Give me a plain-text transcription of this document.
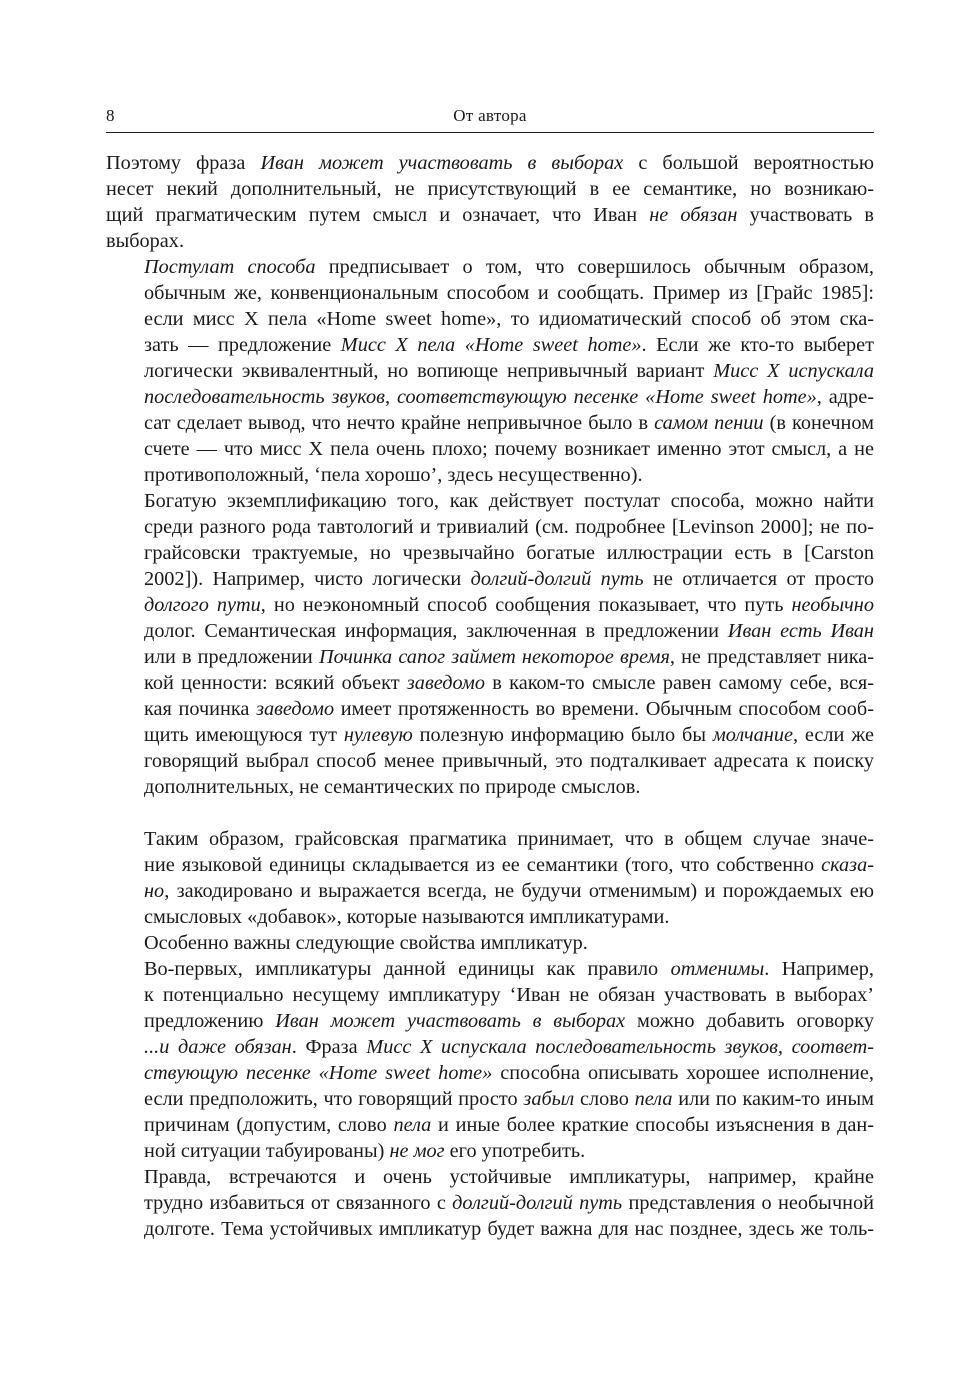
8	От автора

Поэтому фраза Иван может участвовать в выборах с большой вероятностью
несет некий дополнительный, не присутствующий в ее семантике, но возникаю-
щий прагматическим путем смысл и означает, что Иван не обязан участвовать в
выборах.

Постулат способа предписывает о том, что совершилось обычным образом,
обычным же, конвенциональным способом и сообщать. Пример из [Грайс 1985]:
если мисс Х пела «Home sweet home», то идиоматический способ об этом ска-
зать — предложение Мисс Х пела «Home sweet home». Если же кто-то выберет
логически эквивалентный, но вопиюще непривычный вариант Мисс Х испускала
последовательность звуков, соответствующую песенке «Home sweet home», адре-
сат сделает вывод, что нечто крайне непривычное было в самом пении (в конечном
счете — что мисс Х пела очень плохо; почему возникает именно этот смысл, а не
противоположный, ‘пела хорошо’, здесь несущественно).

Богатую экземплификацию того, как действует постулат способа, можно найти
среди разного рода тавтологий и тривиалий (см. подробнее [Levinson 2000]; не по-
грайсовски трактуемые, но чрезвычайно богатые иллюстрации есть в [Carston
2002]). Например, чисто логически долгий-долгий путь не отличается от просто
долгого пути, но неэкономный способ сообщения показывает, что путь необычно
долог. Семантическая информация, заключенная в предложении Иван есть Иван
или в предложении Починка сапог займет некоторое время, не представляет ника-
кой ценности: всякий объект заведомо в каком-то смысле равен самому себе, вся-
кая починка заведомо имеет протяженность во времени. Обычным способом сооб-
щить имеющуюся тут нулевую полезную информацию было бы молчание, если же
говорящий выбрал способ менее привычный, это подталкивает адресата к поиску
дополнительных, не семантических по природе смыслов.

Таким образом, грайсовская прагматика принимает, что в общем случае значе-
ние языковой единицы складывается из ее семантики (того, что собственно сказа-
но, закодировано и выражается всегда, не будучи отменимым) и порождаемых ею
смысловых «добавок», которые называются импликатурами.

Особенно важны следующие свойства импликатур.

Во-первых, импликатуры данной единицы как правило отменимы. Например,
к потенциально несущему импликатуру ‘Иван не обязан участвовать в выборах’
предложению Иван может участвовать в выборах можно добавить оговорку
...и даже обязан. Фраза Мисс Х испускала последовательность звуков, соответ-
ствующую песенке «Home sweet home» способна описывать хорошее исполнение,
если предположить, что говорящий просто забыл слово пела или по каким-то иным
причинам (допустим, слово пела и иные более краткие способы изъяснения в дан-
ной ситуации табуированы) не мог его употребить.

Правда, встречаются и очень устойчивые импликатуры, например, крайне
трудно избавиться от связанного с долгий-долгий путь представления о необычной
долготе. Тема устойчивых импликатур будет важна для нас позднее, здесь же толь-
